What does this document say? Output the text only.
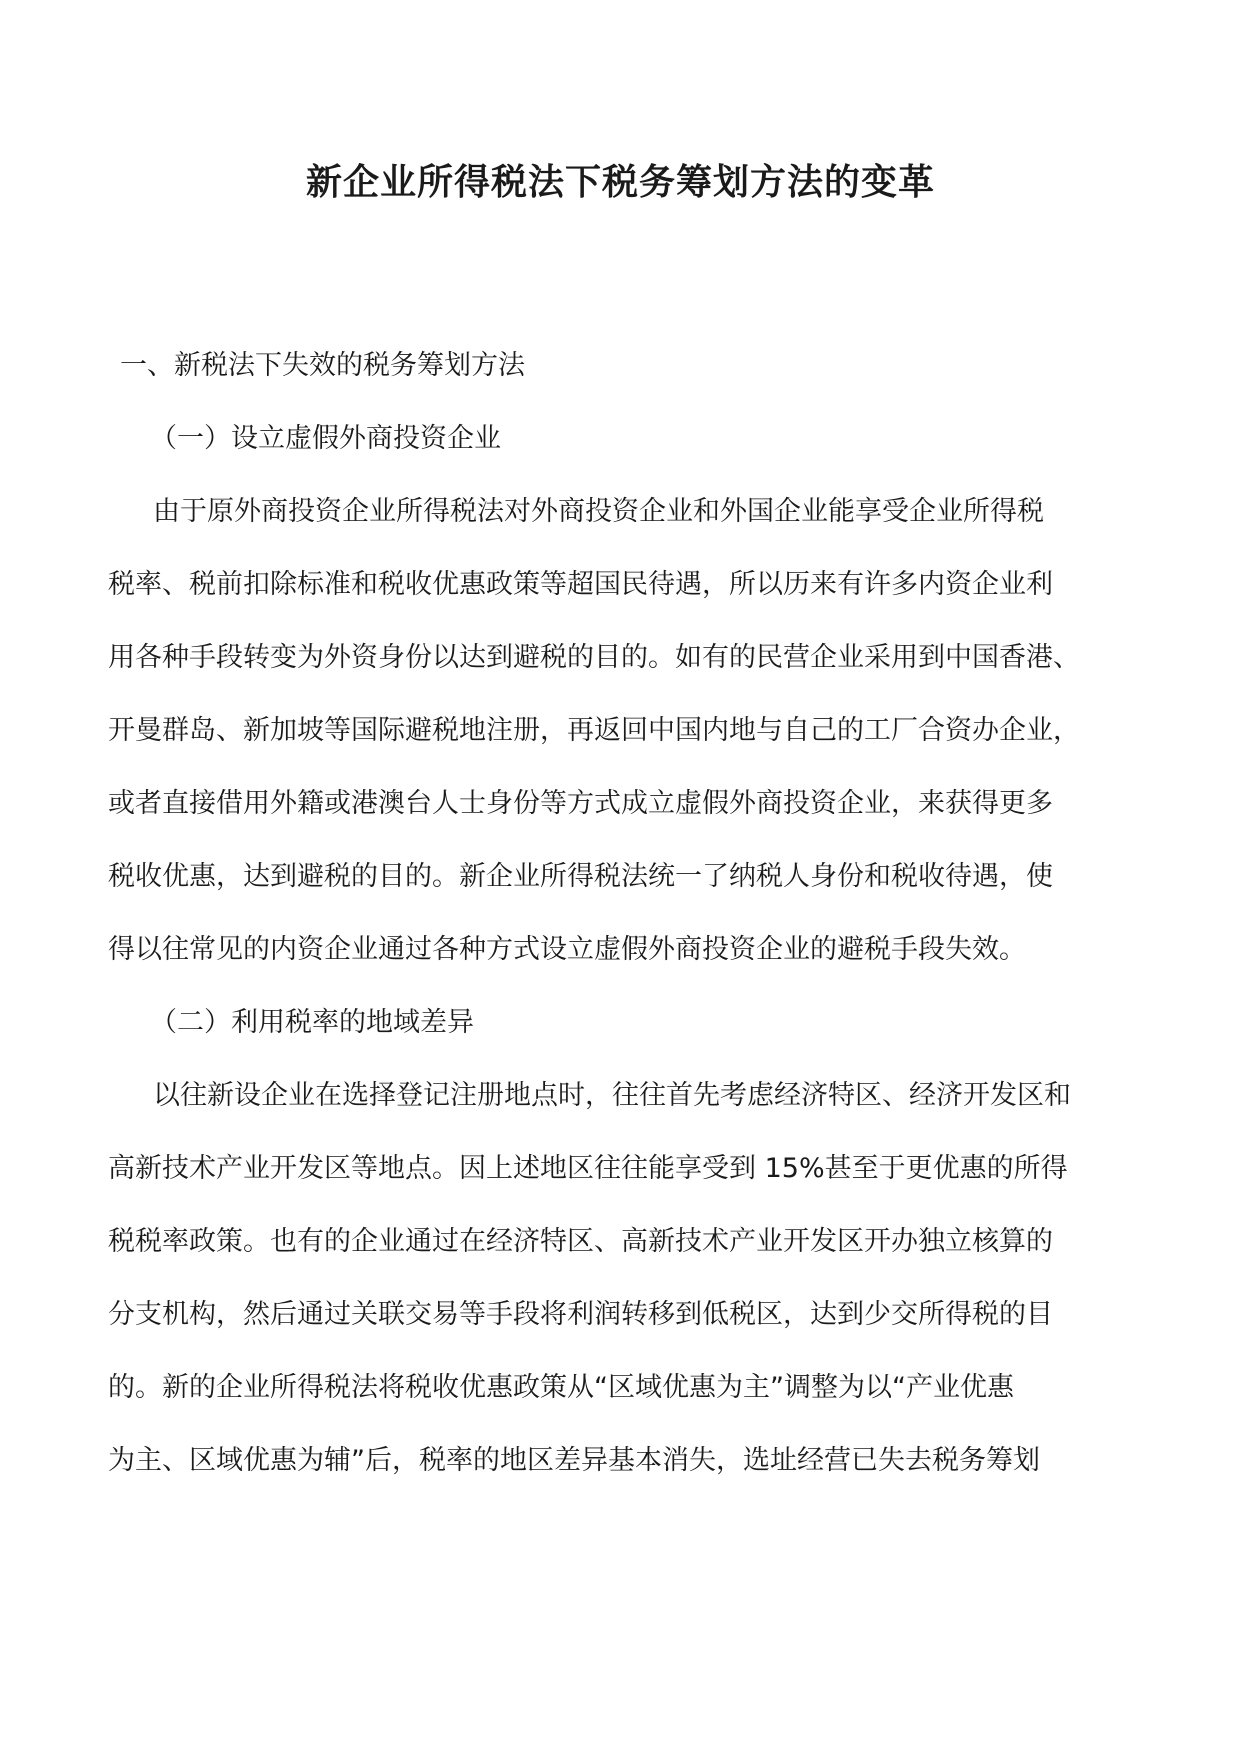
新企业所得税法下税务筹划方法的变革
一、新税法下失效的税务筹划方法
（一）设立虚假外商投资企业
由于原外商投资企业所得税法对外商投资企业和外国企业能享受企业所得税
税率、税前扣除标准和税收优惠政策等超国民待遇，所以历来有许多内资企业利
用各种手段转变为外资身份以达到避税的目的。如有的民营企业采用到中国香港、
开曼群岛、新加坡等国际避税地注册，再返回中国内地与自己的工厂合资办企业，
或者直接借用外籍或港澳台人士身份等方式成立虚假外商投资企业，来获得更多
税收优惠，达到避税的目的。新企业所得税法统一了纳税人身份和税收待遇，使
得以往常见的内资企业通过各种方式设立虚假外商投资企业的避税手段失效。
（二）利用税率的地域差异
以往新设企业在选择登记注册地点时，往往首先考虑经济特区、经济开发区和
高新技术产业开发区等地点。因上述地区往往能享受到 15%甚至于更优惠的所得
税税率政策。也有的企业通过在经济特区、高新技术产业开发区开办独立核算的
分支机构，然后通过关联交易等手段将利润转移到低税区，达到少交所得税的目
的。新的企业所得税法将税收优惠政策从“区域优惠为主”调整为以“产业优惠
为主、区域优惠为辅”后，税率的地区差异基本消失，选址经营已失去税务筹划
